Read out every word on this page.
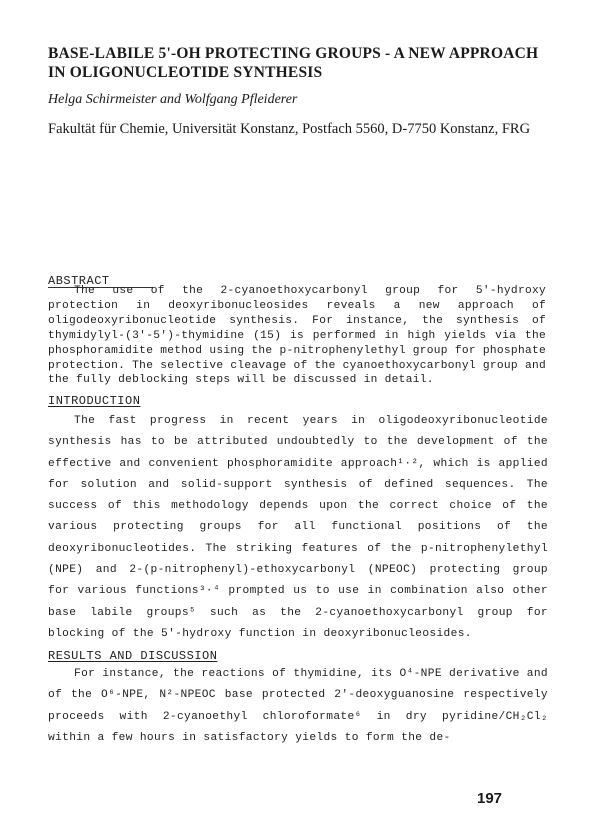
BASE-LABILE 5'-OH PROTECTING GROUPS - A NEW APPROACH
IN OLIGONUCLEOTIDE SYNTHESIS
Helga Schirmeister and Wolfgang Pfleiderer
Fakultät für Chemie, Universität Konstanz, Postfach 5560, D-7750 Konstanz, FRG
ABSTRACT

The use of the 2-cyanoethoxycarbonyl group for 5'-hydroxy protection in deoxyribonucleosides reveals a new approach of oligodeoxyribonucleotide synthesis. For instance, the synthesis of thymidylyl-(3'-5')-thymidine (15) is performed in high yields via the phosphoramidite method using the p-nitrophenylethyl group for phosphate protection. The selective cleavage of the cyanoethoxycarbonyl group and the fully deblocking steps will be discussed in detail.

INTRODUCTION

The fast progress in recent years in oligodeoxyribonucleotide synthesis has to be attributed undoubtedly to the development of the effective and convenient phosphoramidite approach¹·², which is applied for solution and solid-support synthesis of defined sequences. The success of this methodology depends upon the correct choice of the various protecting groups for all functional positions of the deoxyribonucleotides. The striking features of the p-nitrophenylethyl (NPE) and 2-(p-nitrophenyl)-ethoxycarbonyl (NPEOC) protecting group for various functions³·⁴ prompted us to use in combination also other base labile groups⁵ such as the 2-cyanoethoxycarbonyl group for blocking of the 5'-hydroxy function in deoxyribonucleosides.

RESULTS AND DISCUSSION

For instance, the reactions of thymidine, its O⁴-NPE derivative and of the O⁶-NPE, N²-NPEOC base protected 2'-deoxyguanosine respectively proceeds with 2-cyanoethyl chloroformate⁶ in dry pyridine/CH₂Cl₂ within a few hours in satisfactory yields to form the de-

197
